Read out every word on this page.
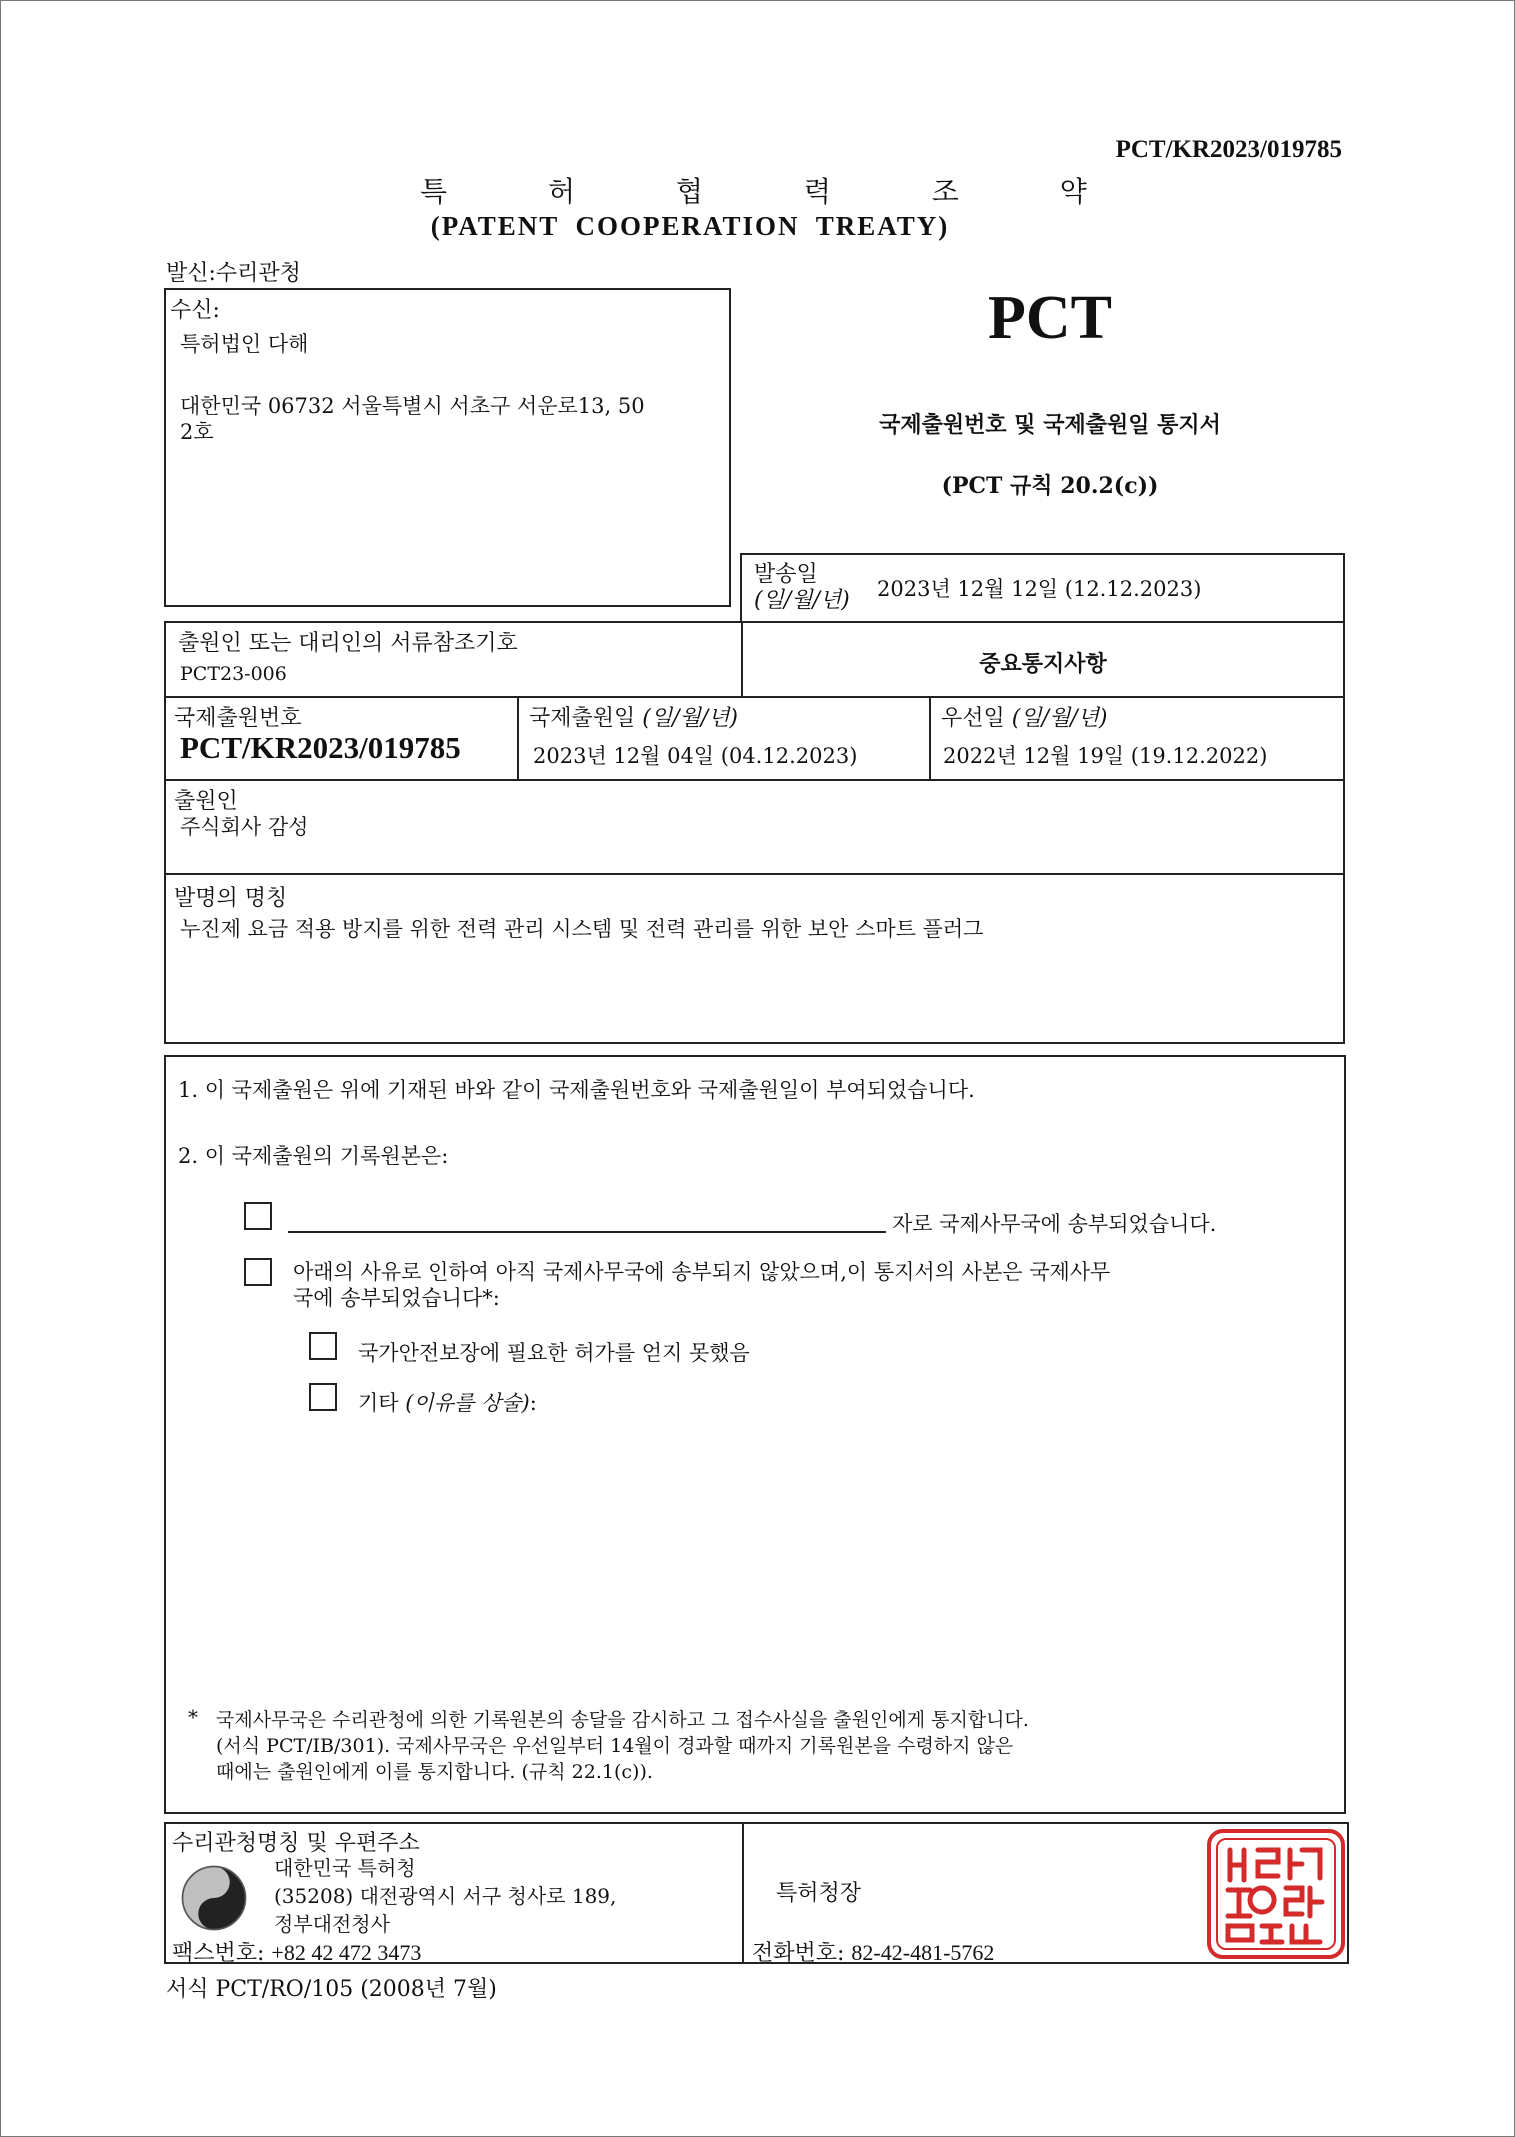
PCT/KR2023/019785
특 허 협 력 조 약
(PATENT COOPERATION TREATY)
발신:수리관청
수신:
특허법인 다해
대한민국 06732 서울특별시 서초구 서운로13, 50
2호
PCT
국제출원번호 및 국제출원일 통지서
(PCT 규칙 20.2(c))
발송일
(일/월/년) 2023년 12월 12일 (12.12.2023)
출원인 또는 대리인의 서류참조기호
PCT23-006	중요통지사항
국제출원번호
PCT/KR2023/019785
국제출원일 (일/월/년)
2023년 12월 04일 (04.12.2023)
우선일 (일/월/년)
2022년 12월 19일 (19.12.2022)
출원인
주식회사 감성
발명의 명칭
누진제 요금 적용 방지를 위한 전력 관리 시스템 및 전력 관리를 위한 보안 스마트 플러그
1. 이 국제출원은 위에 기재된 바와 같이 국제출원번호와 국제출원일이 부여되었습니다.
2. 이 국제출원의 기록원본은:
자로 국제사무국에 송부되었습니다.
아래의 사유로 인하여 아직 국제사무국에 송부되지 않았으며,이 통지서의 사본은 국제사무
국에 송부되었습니다*:
국가안전보장에 필요한 허가를 얻지 못했음
기타 (이유를 상술):
* 국제사무국은 수리관청에 의한 기록원본의 송달을 감시하고 그 접수사실을 출원인에게 통지합니다.
(서식 PCT/IB/301). 국제사무국은 우선일부터 14월이 경과할 때까지 기록원본을 수령하지 않은
때에는 출원인에게 이를 통지합니다. (규칙 22.1(c)).
수리관청명칭 및 우편주소
대한민국 특허청
(35208) 대전광역시 서구 청사로 189,
정부대전청사
팩스번호: +82 42 472 3473
특허청장
전화번호: 82-42-481-5762
서식 PCT/RO/105 (2008년 7월)
